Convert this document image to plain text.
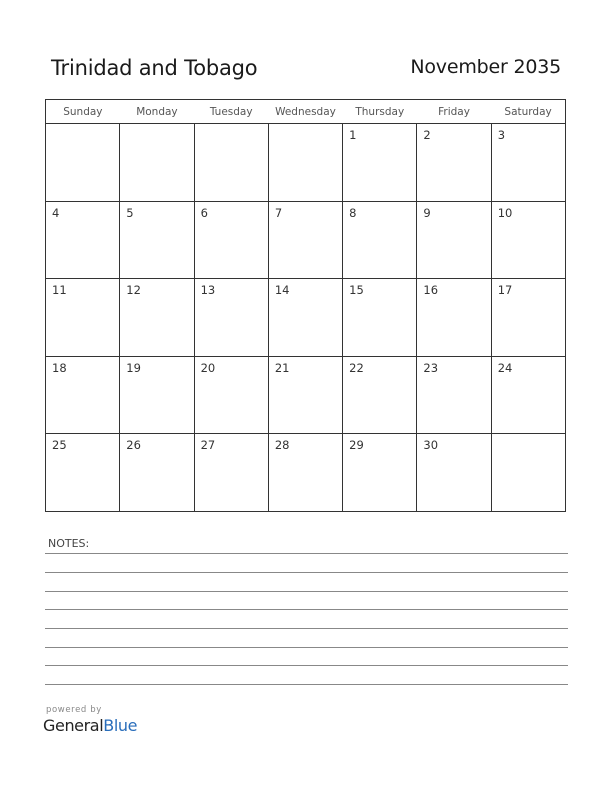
Trinidad and Tobago	November 2035
Sunday	Monday	Tuesday	Wednesday	Thursday	Friday	Saturday
				1	2	3
4	5	6	7	8	9	10
11	12	13	14	15	16	17
18	19	20	21	22	23	24
25	26	27	28	29	30	
NOTES:
powered by
GeneralBlue
